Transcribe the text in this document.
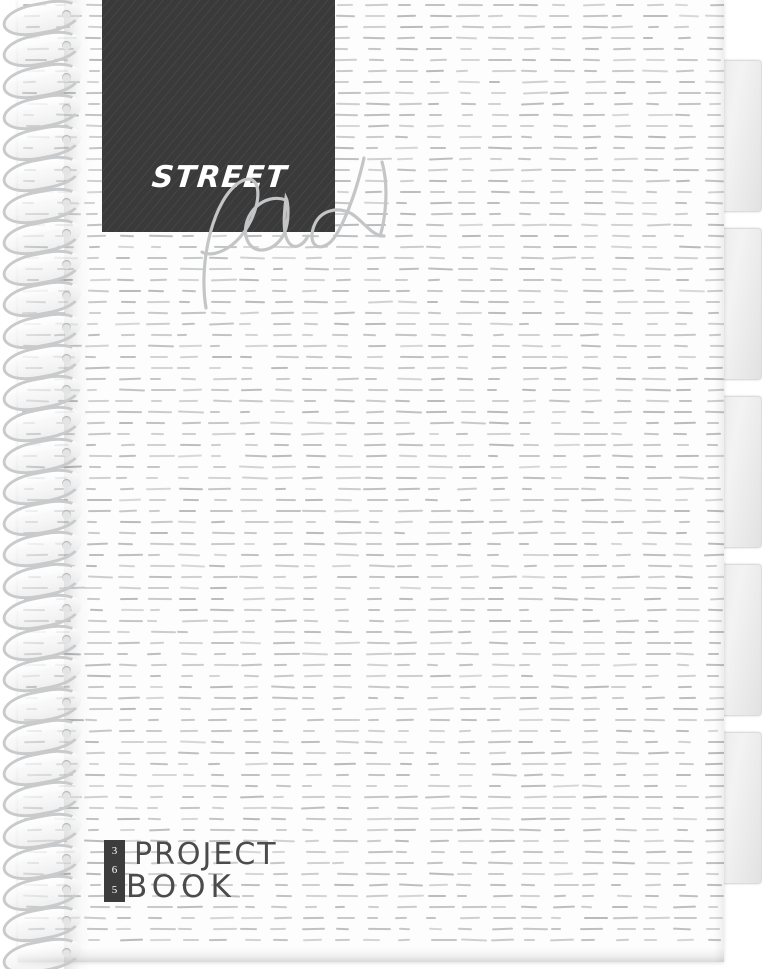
STREET
3
6
5
PROJECT
BOOK
